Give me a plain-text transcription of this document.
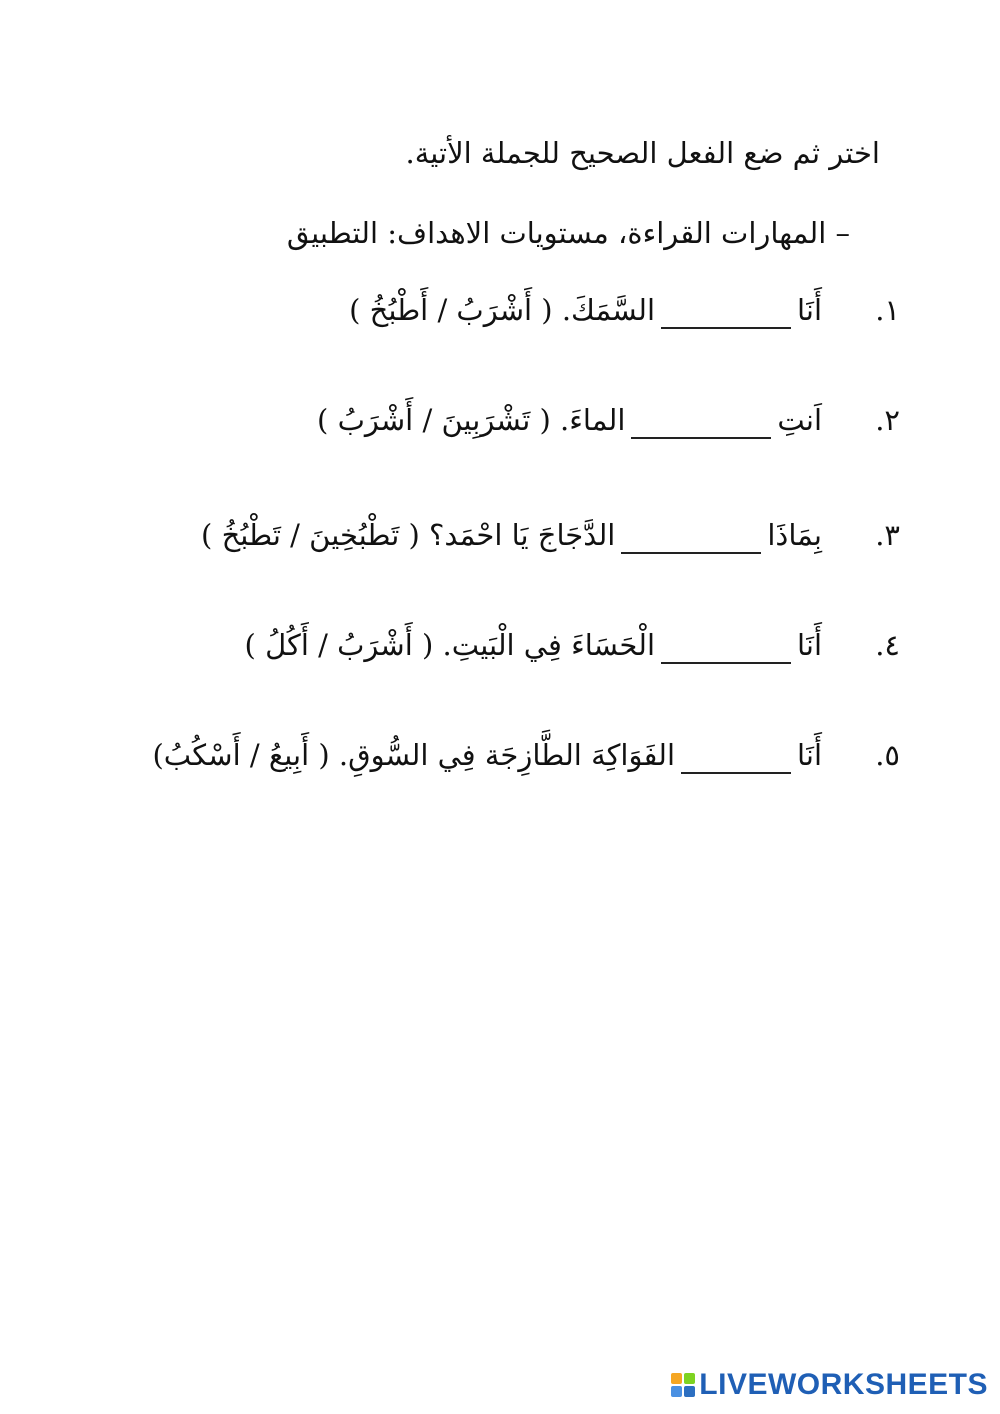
اختر ثم ضع الفعل الصحيح للجملة الأتية.
– المهارات القراءة، مستويات الاهداف: التطبيق
١.
أَنَا
السَّمَكَ. ( أَشْرَبُ / أَطْبُخُ )
٢.
اَنتِ
الماءَ. ( تَشْرَبِينَ / أَشْرَبُ )
٣.
بِمَاذَا
الدَّجَاجَ يَا احْمَد؟ ( تَطْبُخِينَ / تَطْبُخُ )
٤.
أَنَا
الْحَسَاءَ فِي الْبَيتِ. ( أَشْرَبُ / أَكُلُ )
٥.
أَنَا
الفَوَاكِهَ الطَّازِجَة فِي السُّوقِ. ( أَبِيعُ / أَسْكُبُ)
LIVEWORKSHEETS
